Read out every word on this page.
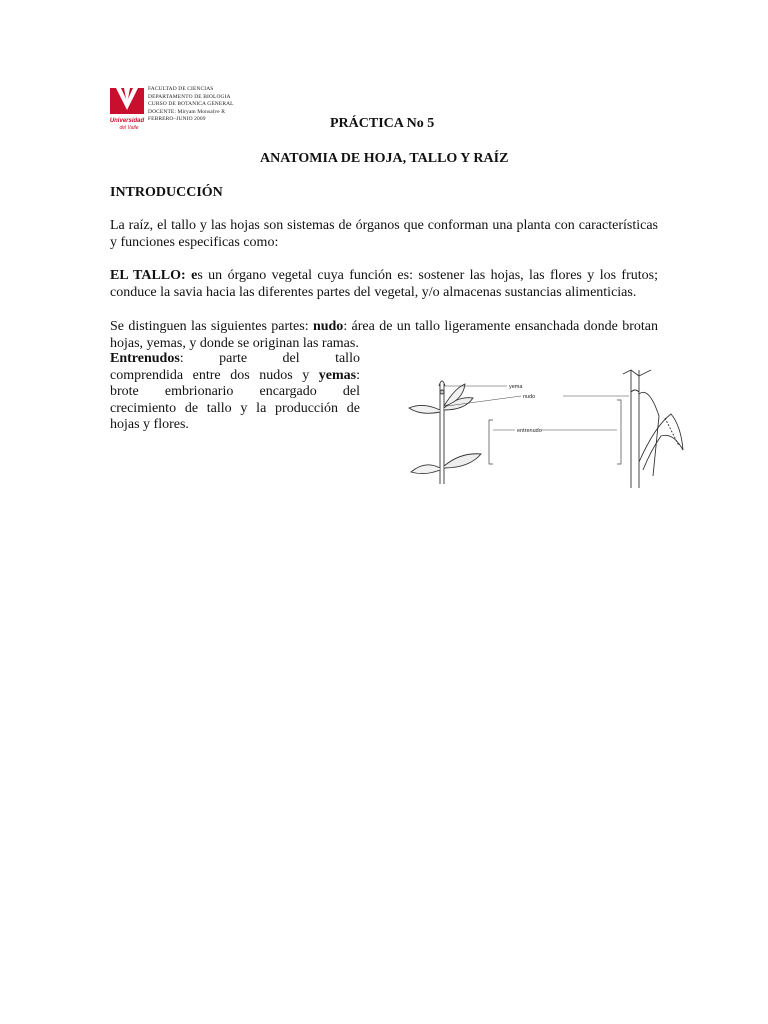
Universidad
del Valle
FACULTAD DE CIENCIAS
DEPARTAMENTO DE BIOLOGIA
CURSO DE BOTANICA GENERAL
DOCENTE: Miryam Monsalve R
FEBRERO–JUNIO 2009	PRÁCTICA No 5
ANATOMIA DE HOJA, TALLO Y RAÍZ
INTRODUCCIÓN
La raíz, el tallo y las hojas son sistemas de órganos que conforman una planta con características y funciones especificas como:
EL TALLO: es un órgano vegetal cuya función es: sostener las hojas, las flores y los frutos; conduce la savia hacia las diferentes partes del vegetal, y/o almacenas sustancias alimenticias.
Se distinguen las siguientes partes: nudo: área de un tallo ligeramente ensanchada donde brotan hojas, yemas, y donde se originan las ramas.
Entrenudos:	parte	del	tallo
comprendida entre dos nudos y yemas: brote embrionario encargado del crecimiento de tallo y la producción de hojas y flores.
yema
nudo
entrenudo
